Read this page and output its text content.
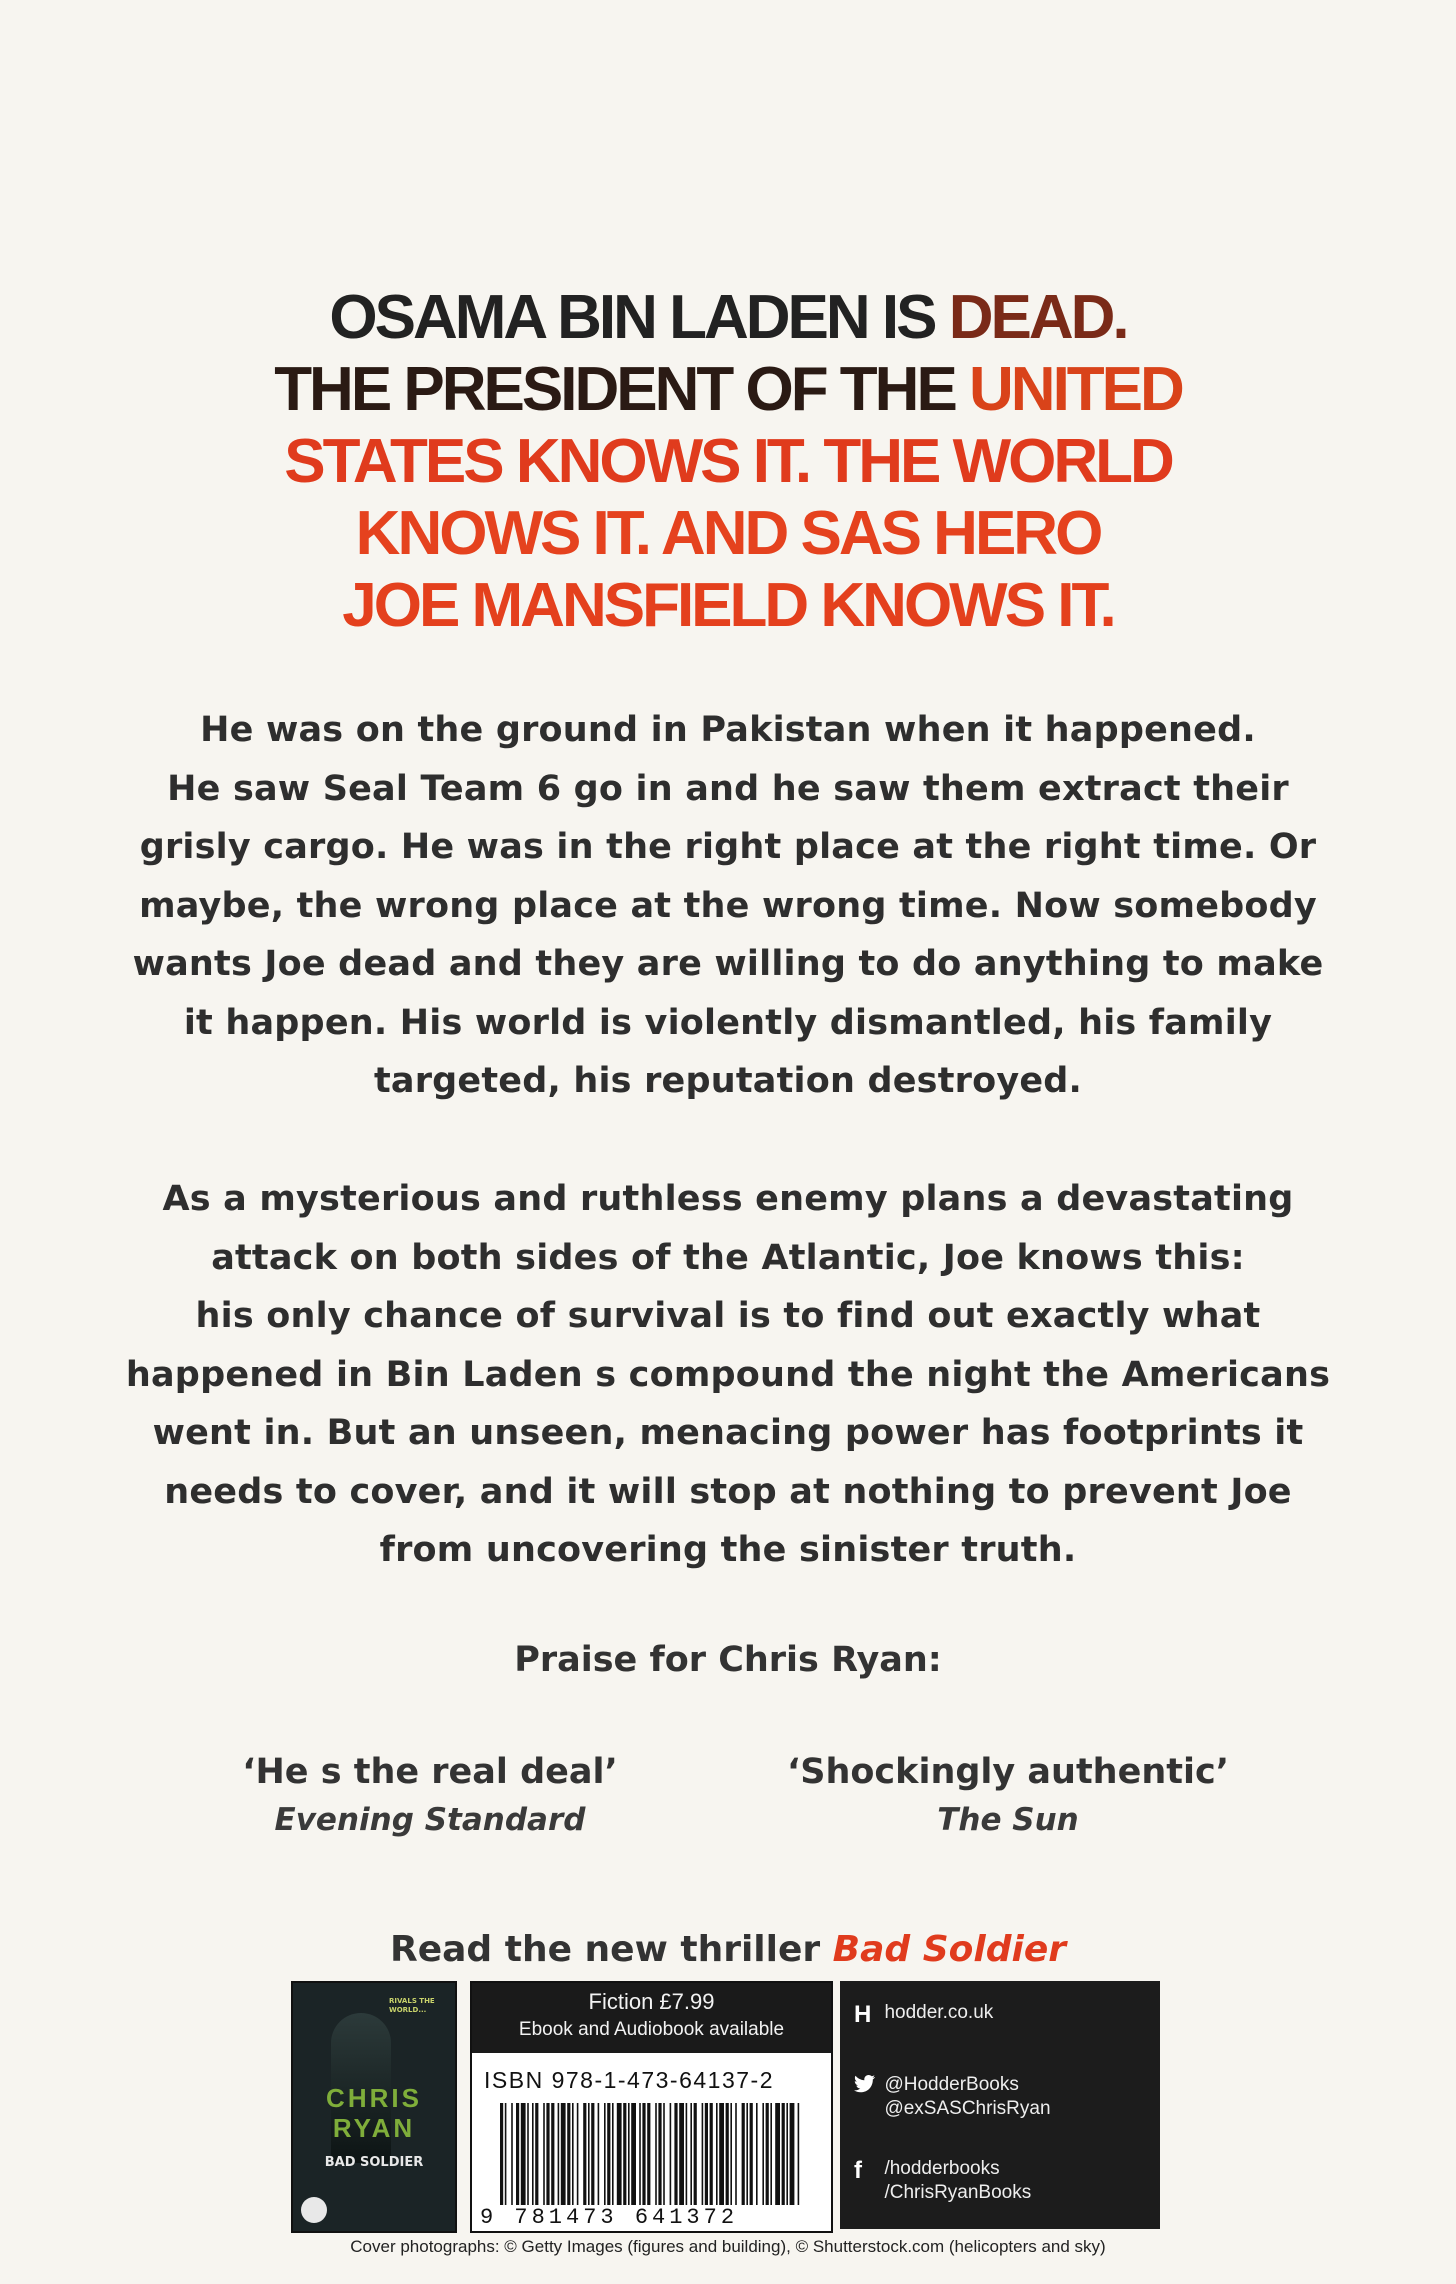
OSAMA BIN LADEN IS DEAD.
THE PRESIDENT OF THE UNITED
STATES KNOWS IT. THE WORLD
KNOWS IT. AND SAS HERO
JOE MANSFIELD KNOWS IT.
He was on the ground in Pakistan when it happened.
He saw Seal Team 6 go in and he saw them extract their
grisly cargo. He was in the right place at the right time. Or
maybe, the wrong place at the wrong time. Now somebody
wants Joe dead and they are willing to do anything to make
it happen. His world is violently dismantled, his family
targeted, his reputation destroyed.
As a mysterious and ruthless enemy plans a devastating
attack on both sides of the Atlantic, Joe knows this:
his only chance of survival is to find out exactly what
happened in Bin Laden s compound the night the Americans
went in. But an unseen, menacing power has footprints it
needs to cover, and it will stop at nothing to prevent Joe
from uncovering the sinister truth.
Praise for Chris Ryan:
‘He s the real deal’
Evening Standard
‘Shockingly authentic’
The Sun
Read the new thriller Bad Soldier
RIVALS THE WORLD...
CHRIS RYAN
BAD SOLDIER
Fiction £7.99
Ebook and Audiobook available
ISBN 978-1-473-64137-2
9 781473 641372
H hodder.co.uk

@HodderBooks
@exSASChrisRyan
f /hodderbooks
/ChrisRyanBooks
Cover photographs: © Getty Images (figures and building), © Shutterstock.com (helicopters and sky)
